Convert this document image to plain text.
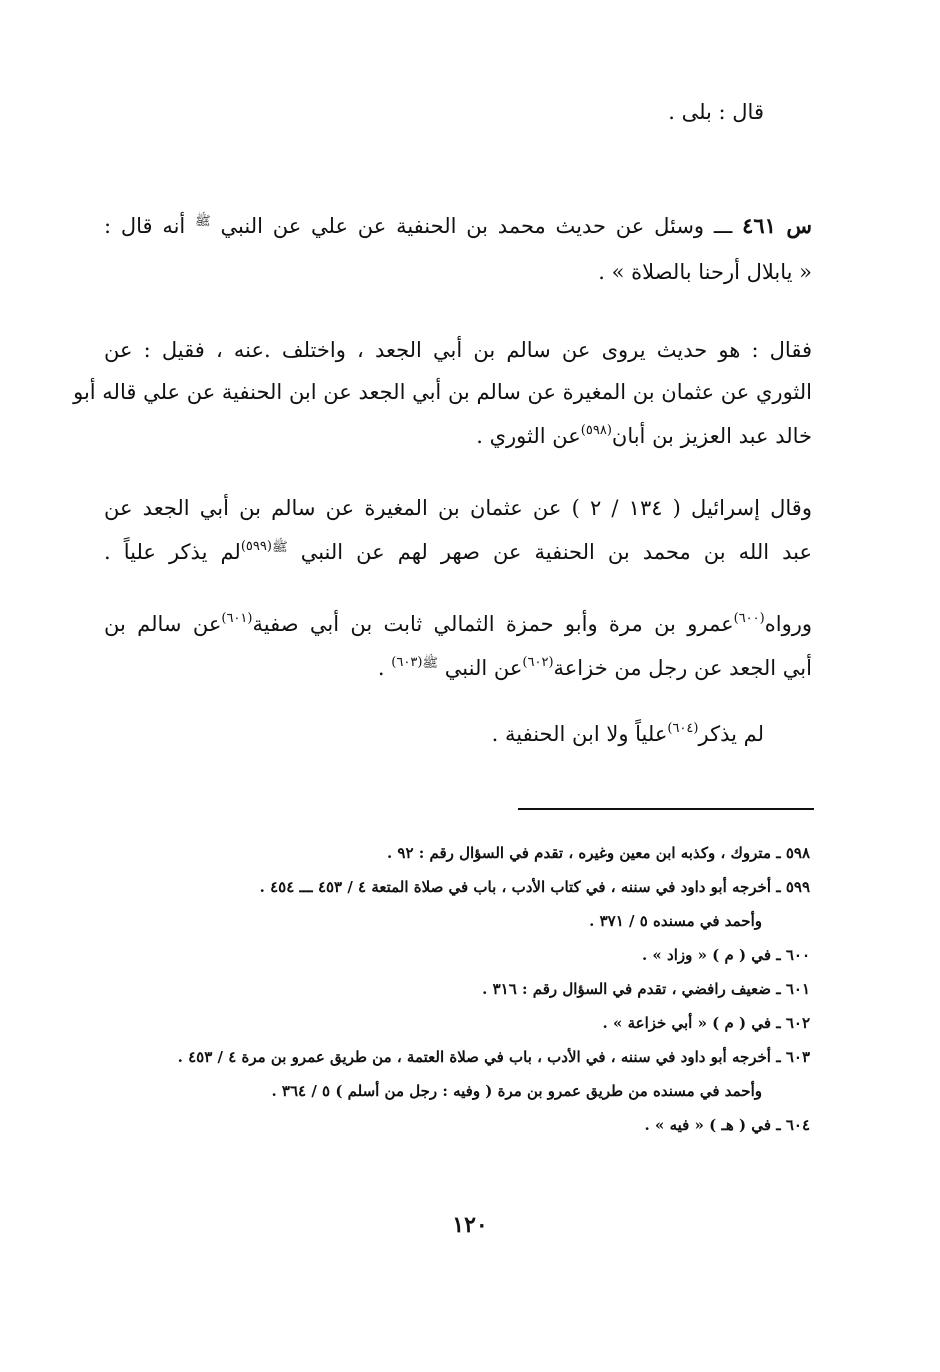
قال : بلى .
س ٤٦١ ـــ وسئل عن حديث محمد بن الحنفية عن علي عن النبي $^ﷺ$ أنه قال :
« يابلال أرحنا بالصلاة » .
فقال : هو حديث يروى عن سالم بن أبي الجعد ، واختلف .عنه ، فقيل : عن
الثوري عن عثمان بن المغيرة عن سالم بن أبي الجعد عن ابن الحنفية عن علي قاله أبو
خالد عبد العزيز بن أبان$^{(٥٩٨)}$عن الثوري .
وقال إسرائيل ( ١٣٤ / ٢ ) عن عثمان بن المغيرة عن سالم بن أبي الجعد عن
عبد الله بن محمد بن الحنفية عن صهر لهم عن النبي $^{ﷺ(٥٩٩)}$لم يذكر علياً .
ورواه$^{(٦٠٠)}$عمرو بن مرة وأبو حمزة الثمالي ثابت بن أبي صفية$^{(٦٠١)}$عن سالم بن
أبي الجعد عن رجل من خزاعة$^{(٦٠٢)}$عن النبي $^{ﷺ(٦٠٣)}$ .
لم يذكر$^{(٦٠٤)}$علياً ولا ابن الحنفية .
٥٩٨ ـ متروك ، وكذبه ابن معين وغيره ، تقدم في السؤال رقم : ٩٢ .
٥٩٩ ـ أخرجه أبو داود في سننه ، في كتاب الأدب ، باب في صلاة المتعة ٤ / ٤٥٣ ـــ ٤٥٤ .
وأحمد في مسنده ٥ / ٣٧١ .
٦٠٠ ـ في ( م ) « وزاد » .
٦٠١ ـ ضعيف رافضي ، تقدم في السؤال رقم : ٣١٦ .
٦٠٢ ـ في ( م ) « أبي خزاعة » .
٦٠٣ ـ أخرجه أبو داود في سننه ، في الأدب ، باب في صلاة العتمة ، من طريق عمرو بن مرة ٤ / ٤٥٣ .
وأحمد في مسنده من طريق عمرو بن مرة ( وفيه : رجل من أسلم ) ٥ / ٣٦٤ .
٦٠٤ ـ في ( هـ ) « فيه » .
١٢٠
